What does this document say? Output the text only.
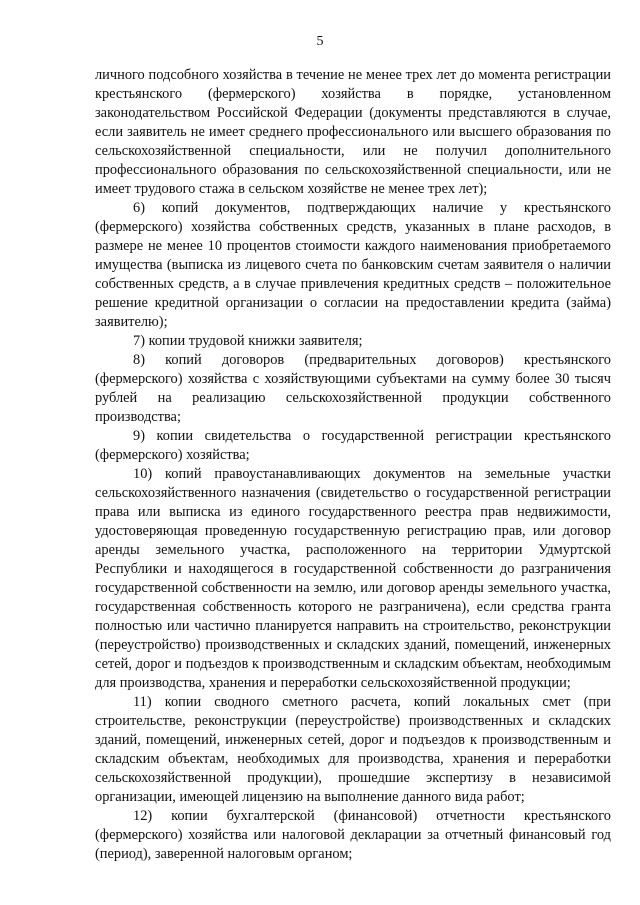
5

личного подсобного хозяйства в течение не менее трех лет до момента регистрации крестьянского (фермерского) хозяйства в порядке, установленном законодательством Российской Федерации (документы представляются в случае, если заявитель не имеет среднего профессионального или высшего образования по сельскохозяйственной специальности, или не получил дополнительного профессионального образования по сельскохозяйственной специальности, или не имеет трудового стажа в сельском хозяйстве не менее трех лет);

6) копий документов, подтверждающих наличие у крестьянского (фермерского) хозяйства собственных средств, указанных в плане расходов, в размере не менее 10 процентов стоимости каждого наименования приобретаемого имущества (выписка из лицевого счета по банковским счетам заявителя о наличии собственных средств, а в случае привлечения кредитных средств – положительное решение кредитной организации о согласии на предоставлении кредита (займа) заявителю);

7) копии трудовой книжки заявителя;

8) копий договоров (предварительных договоров) крестьянского (фермерского) хозяйства с хозяйствующими субъектами на сумму более 30 тысяч рублей на реализацию сельскохозяйственной продукции собственного производства;

9) копии свидетельства о государственной регистрации крестьянского (фермерского) хозяйства;

10) копий правоустанавливающих документов на земельные участки сельскохозяйственного назначения (свидетельство о государственной регистрации права или выписка из единого государственного реестра прав недвижимости, удостоверяющая проведенную государственную регистрацию прав, или договор аренды земельного участка, расположенного на территории Удмуртской Республики и находящегося в государственной собственности до разграничения государственной собственности на землю, или договор аренды земельного участка, государственная собственность которого не разграничена), если средства гранта полностью или частично планируется направить на строительство, реконструкции (переустройство) производственных и складских зданий, помещений, инженерных сетей, дорог и подъездов к производственным и складским объектам, необходимым для производства, хранения и переработки сельскохозяйственной продукции;

11) копии сводного сметного расчета, копий локальных смет (при строительстве, реконструкции (переустройстве) производственных и складских зданий, помещений, инженерных сетей, дорог и подъездов к производственным и складским объектам, необходимых для производства, хранения и переработки сельскохозяйственной продукции), прошедшие экспертизу в независимой организации, имеющей лицензию на выполнение данного вида работ;

12) копии бухгалтерской (финансовой) отчетности крестьянского (фермерского) хозяйства или налоговой декларации за отчетный финансовый год (период), заверенной налоговым органом;
